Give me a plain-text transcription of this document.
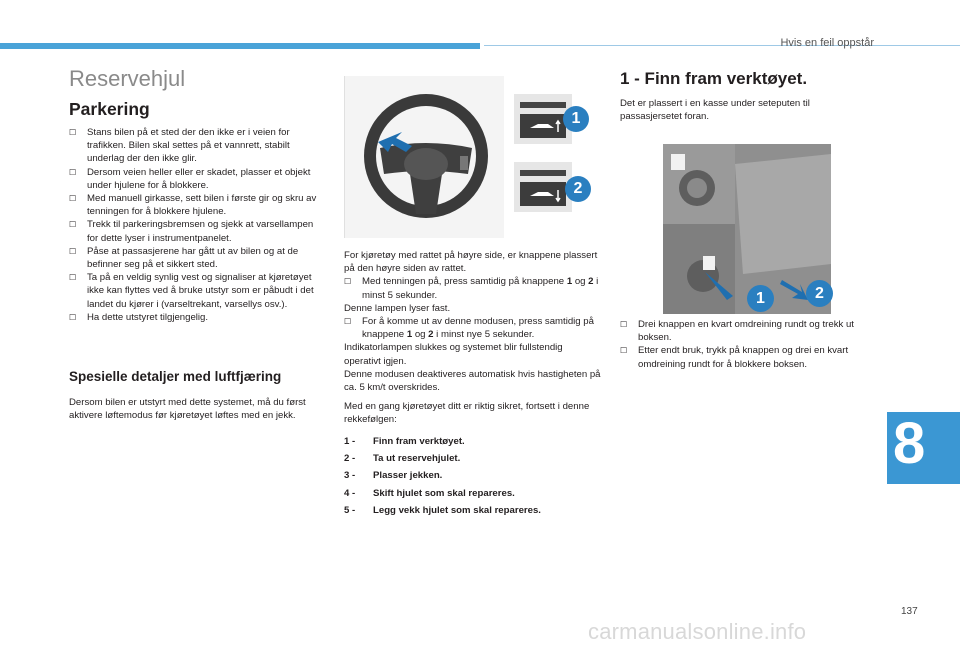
Hvis en feil oppstår
Reservehjul
Parkering
☐ Stans bilen på et sted der den ikke er i veien for trafikken. Bilen skal settes på et vannrett, stabilt underlag der den ikke glir.
☐ Dersom veien heller eller er skadet, plasser et objekt under hjulene for å blokkere.
☐ Med manuell girkasse, sett bilen i første gir og skru av tenningen for å blokkere hjulene.
☐ Trekk til parkeringsbremsen og sjekk at varsellampen for dette lyser i instrumentpanelet.
☐ Påse at passasjerene har gått ut av bilen og at de befinner seg på et sikkert sted.
☐ Ta på en veldig synlig vest og signaliser at kjøretøyet ikke kan flyttes ved å bruke utstyr som er påbudt i det landet du kjører i (varseltrekant, varsellys osv.).
☐ Ha dette utstyret tilgjengelig.
Spesielle detaljer med luftfjæring

Dersom bilen er utstyrt med dette systemet, må du først aktivere løftemodus før kjøretøyet løftes med en jekk.

1
2

For kjøretøy med rattet på høyre side, er knappene plassert på den høyre siden av rattet.

☐ Med tenningen på, press samtidig på knappene 1 og 2 i minst 5 sekunder.

Denne lampen lyser fast.

☐ For å komme ut av denne modusen, press samtidig på knappene 1 og 2 i minst nye 5 sekunder.

Indikatorlampen slukkes og systemet blir fullstendig operativt igjen.

Denne modusen deaktiveres automatisk hvis hastigheten på ca. 5 km/t overskrides.

Med en gang kjøretøyet ditt er riktig sikret, fortsett i denne rekkefølgen:

1 - Finn fram verktøyet.
2 - Ta ut reservehjulet.
3 - Plasser jekken.
4 - Skift hjulet som skal repareres.
5 - Legg vekk hjulet som skal repareres.
1 - Finn fram verktøyet.

Det er plassert i en kasse under seteputen til passasjersetet foran.

1	2
☐ Drei knappen en kvart omdreining rundt og trekk ut boksen.
☐ Etter endt bruk, trykk på knappen og drei en kvart omdreining rundt for å blokkere boksen.
8
137
carmanualsonline.info
